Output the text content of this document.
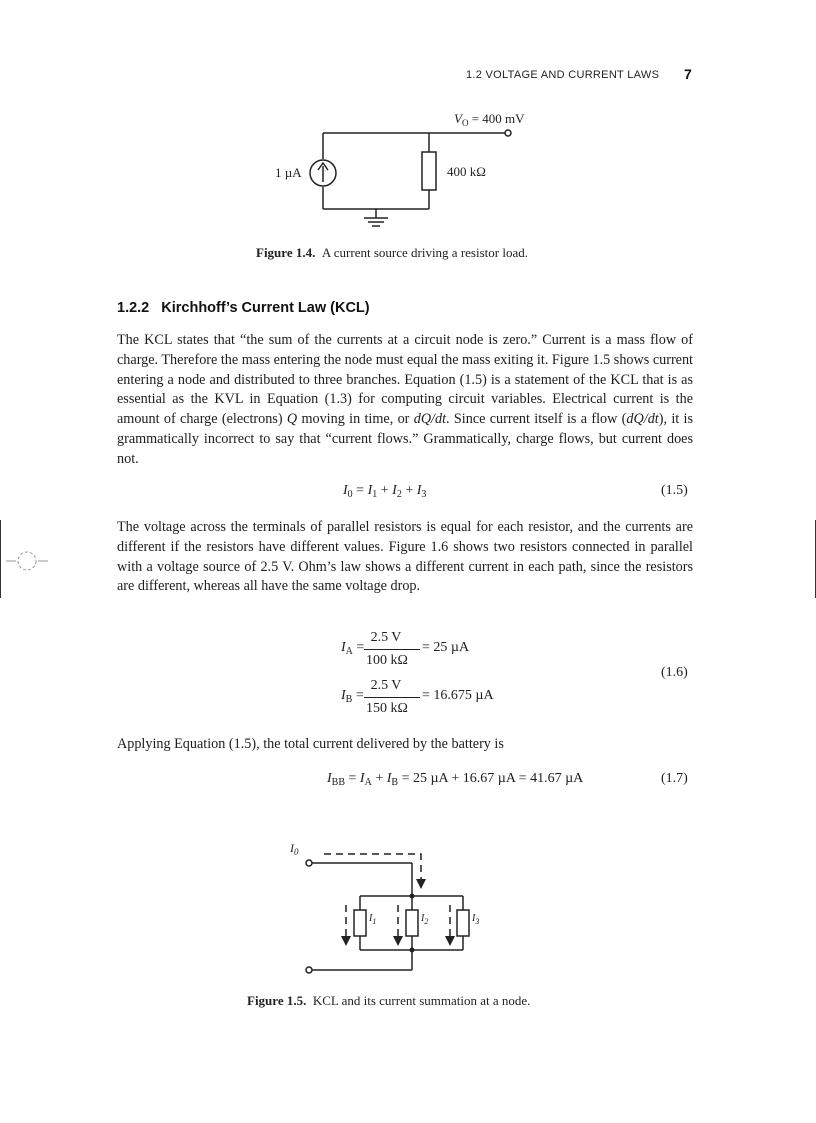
1.2 VOLTAGE AND CURRENT LAWS 7
$V_O = 400$ mV
1 µA	400 kΩ
Figure 1.4. A current source driving a resistor load.
1.2.2 Kirchhoff’s Current Law (KCL)
The KCL states that “the sum of the currents at a circuit node is zero.” Current is a mass flow of charge. Therefore the mass entering the node must equal the mass exiting it. Figure 1.5 shows current entering a node and distributed to three branches. Equation (1.5) is a statement of the KCL that is as essential as the KVL in Equation (1.3) for computing circuit variables. Electrical current is the amount of charge (electrons) Q moving in time, or dQ/dt. Since current itself is a flow (dQ/dt), it is grammatically incorrect to say that “current flows.” Grammatically, charge flows, but current does not.
$I_0 = I_1 + I_2 + I_3$	(1.5)
The voltage across the terminals of parallel resistors is equal for each resistor, and the currents are different if the resistors have different values. Figure 1.6 shows two resistors connected in parallel with a voltage source of 2.5 V. Ohm’s law shows a different current in each path, since the resistors are different, whereas all have the same voltage drop.
$I_A$ =
2.5 V
100 kΩ
= 25 µA
$I_B$ =
2.5 V
150 kΩ
= 16.675 µA
(1.6)
Applying Equation (1.5), the total current delivered by the battery is
$I_{BB} = I_A + I_B = 25$ µA + 16.67 µA = 41.67 µA	(1.7)
$I_0$
$I_1$	$I_2$	$I_3$
Figure 1.5. KCL and its current summation at a node.
